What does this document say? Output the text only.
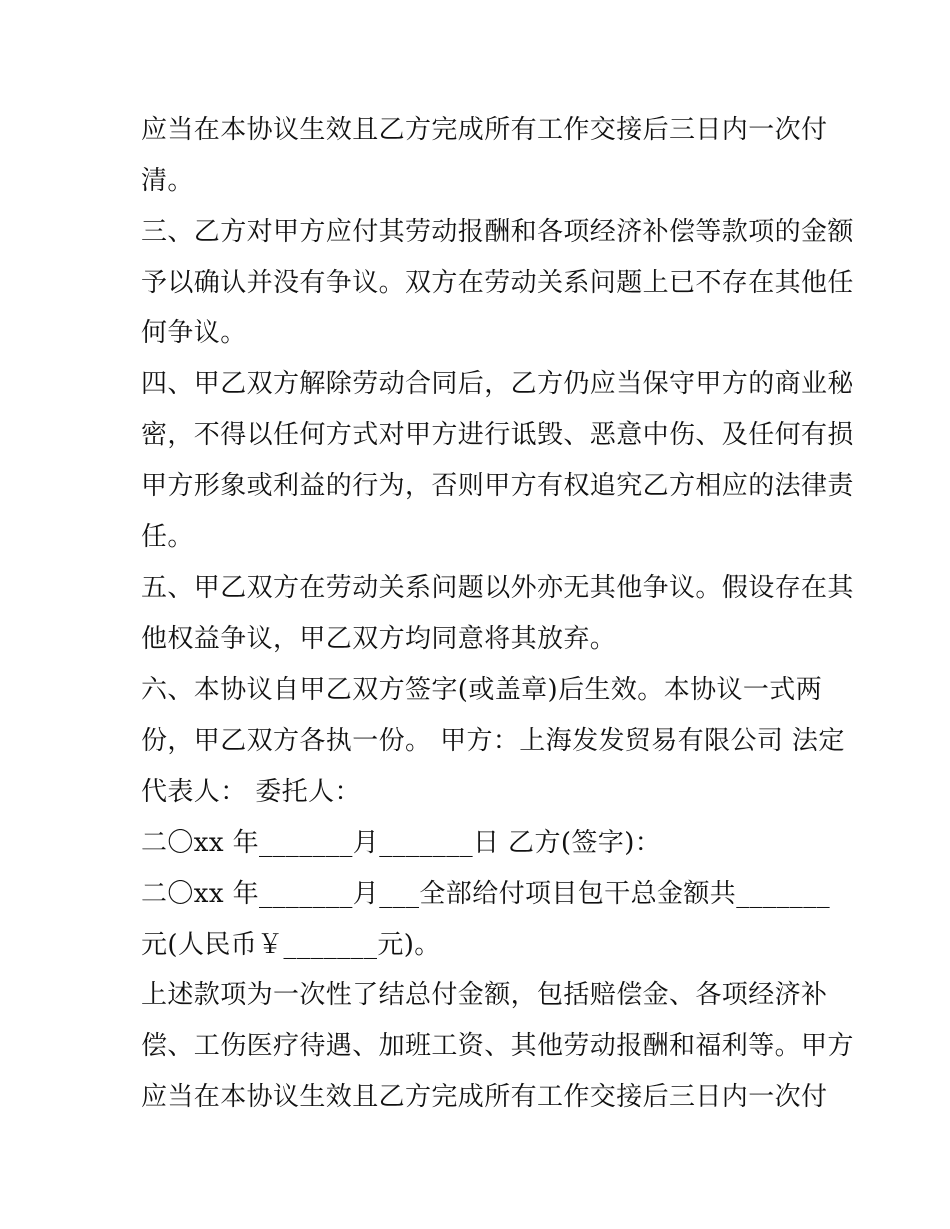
应当在本协议生效且乙方完成所有工作交接后三日内一次付
清。
三、乙方对甲方应付其劳动报酬和各项经济补偿等款项的金额
予以确认并没有争议。双方在劳动关系问题上已不存在其他任
何争议。
四、甲乙双方解除劳动合同后，乙方仍应当保守甲方的商业秘
密，不得以任何方式对甲方进行诋毁、恶意中伤、及任何有损
甲方形象或利益的行为，否则甲方有权追究乙方相应的法律责
任。
五、甲乙双方在劳动关系问题以外亦无其他争议。假设存在其
他权益争议，甲乙双方均同意将其放弃。
六、本协议自甲乙双方签字(或盖章)后生效。本协议一式两
份，甲乙双方各执一份。 甲方：上海发发贸易有限公司 法定
代表人： 委托人：
二〇xx 年_______月_______日 乙方(签字)：
二〇xx 年_______月___全部给付项目包干总金额共_______
元(人民币￥_______元)。
上述款项为一次性了结总付金额，包括赔偿金、各项经济补
偿、工伤医疗待遇、加班工资、其他劳动报酬和福利等。甲方
应当在本协议生效且乙方完成所有工作交接后三日内一次付
